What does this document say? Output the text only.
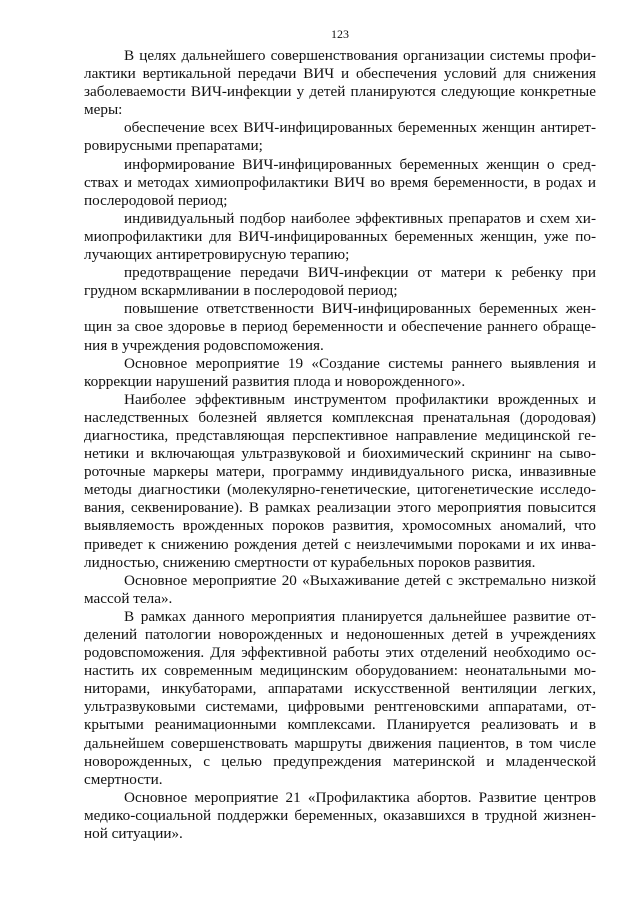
123

В целях дальнейшего совершенствования организации системы профилактики вертикальной передачи ВИЧ и обеспечения условий для снижения заболеваемости ВИЧ-инфекции у детей планируются следующие конкретные меры:

обеспечение всех ВИЧ-инфицированных беременных женщин антиретровирусными препаратами;

информирование ВИЧ-инфицированных беременных женщин о средствах и методах химиопрофилактики ВИЧ во время беременности, в родах и послеродовой период;

индивидуальный подбор наиболее эффективных препаратов и схем химиопрофилактики для ВИЧ-инфицированных беременных женщин, уже получающих антиретровирусную терапию;

предотвращение передачи ВИЧ-инфекции от матери к ребенку при грудном вскармливании в послеродовой период;

повышение ответственности ВИЧ-инфицированных беременных женщин за свое здоровье в период беременности и обеспечение раннего обращения в учреждения родовспоможения.

Основное мероприятие 19 «Создание системы раннего выявления и коррекции нарушений развития плода и новорожденного».

Наиболее эффективным инструментом профилактики врожденных и наследственных болезней является комплексная пренатальная (дородовая) диагностика, представляющая перспективное направление медицинской генетики и включающая ультразвуковой и биохимический скрининг на сывороточные маркеры матери, программу индивидуального риска, инвазивные методы диагностики (молекулярно-генетические, цитогенетические исследования, секвенирование). В рамках реализации этого мероприятия повысится выявляемость врожденных пороков развития, хромосомных аномалий, что приведет к снижению рождения детей с неизлечимыми пороками и их инвалидностью, снижению смертности от курабельных пороков развития.

Основное мероприятие 20 «Выхаживание детей с экстремально низкой массой тела».

В рамках данного мероприятия планируется дальнейшее развитие отделений патологии новорожденных и недоношенных детей в учреждениях родовспоможения. Для эффективной работы этих отделений необходимо оснастить их современным медицинским оборудованием: неонатальными мониторами, инкубаторами, аппаратами искусственной вентиляции легких, ультразвуковыми системами, цифровыми рентгеновскими аппаратами, открытыми реанимационными комплексами. Планируется реализовать и в дальнейшем совершенствовать маршруты движения пациентов, в том числе новорожденных, с целью предупреждения материнской и младенческой смертности.

Основное мероприятие 21 «Профилактика абортов. Развитие центров медико-социальной поддержки беременных, оказавшихся в трудной жизненной ситуации».
